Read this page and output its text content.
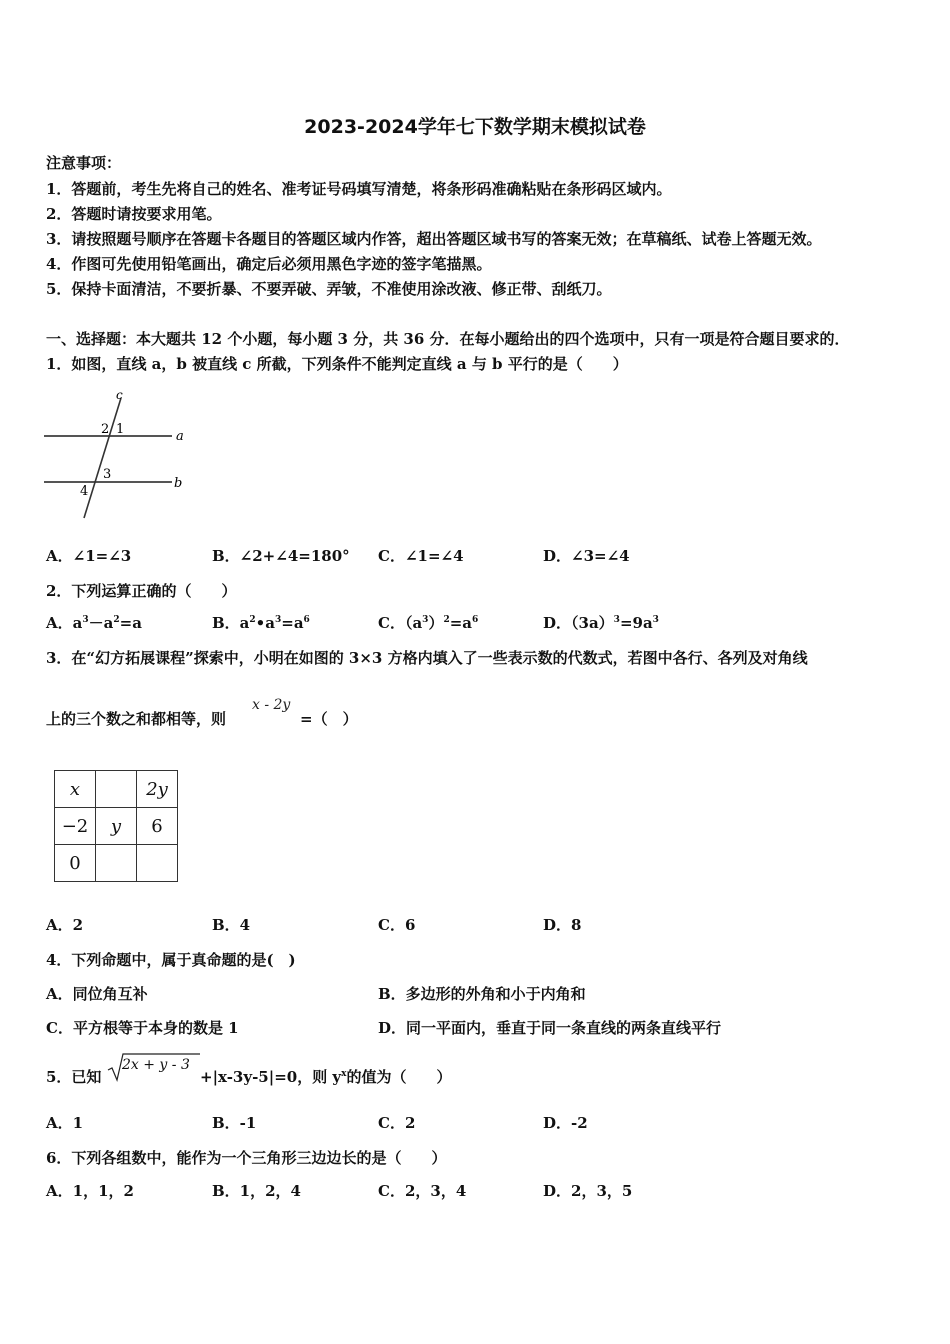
2023-2024学年七下数学期末模拟试卷
注意事项：
1．答题前，考生先将自己的姓名、准考证号码填写清楚，将条形码准确粘贴在条形码区域内。
2．答题时请按要求用笔。
3．请按照题号顺序在答题卡各题目的答题区域内作答，超出答题区域书写的答案无效；在草稿纸、试卷上答题无效。
4．作图可先使用铅笔画出，确定后必须用黑色字迹的签字笔描黑。
5．保持卡面清洁，不要折暴、不要弄破、弄皱，不准使用涂改液、修正带、刮纸刀。
一、选择题：本大题共 12 个小题，每小题 3 分，共 36 分．在每小题给出的四个选项中，只有一项是符合题目要求的．
1．如图，直线 a，b 被直线 c 所截，下列条件不能判定直线 a 与 b 平行的是（　　）
c
a
b
1
2
3
4
A．∠1=∠3	B．∠2+∠4=180° C．∠1=∠4	D．∠3=∠4
2．下列运算正确的（　　）
A．$a^3-a^2=a$	B．$a^2•a^3=a^6$	C．$(a^3)^2=a^6$	D．$(3a)^3=9a^3$
3．在“幻方拓展课程”探索中，小明在如图的 3×3 方格内填入了一些表示数的代数式，若图中各行、各列及对角线
上的三个数之和都相等，则
x - 2y
=（　）
x		2y
−2	y	6
0		
A．2	B．4	C．6	D．8
4．下列命题中，属于真命题的是(　)
A．同位角互补	B．多边形的外角和小于内角和
C．平方根等于本身的数是 1	D．同一平面内，垂直于同一条直线的两条直线平行
5．已知
2x + y - 3
+|x-3y-5|=0，则 $y^x$的值为（　　）
A．1	B．-1	C．2	D．-2
6．下列各组数中，能作为一个三角形三边边长的是（　　）
A．1，1，2	B．1，2，4	C．2，3，4	D．2，3，5
